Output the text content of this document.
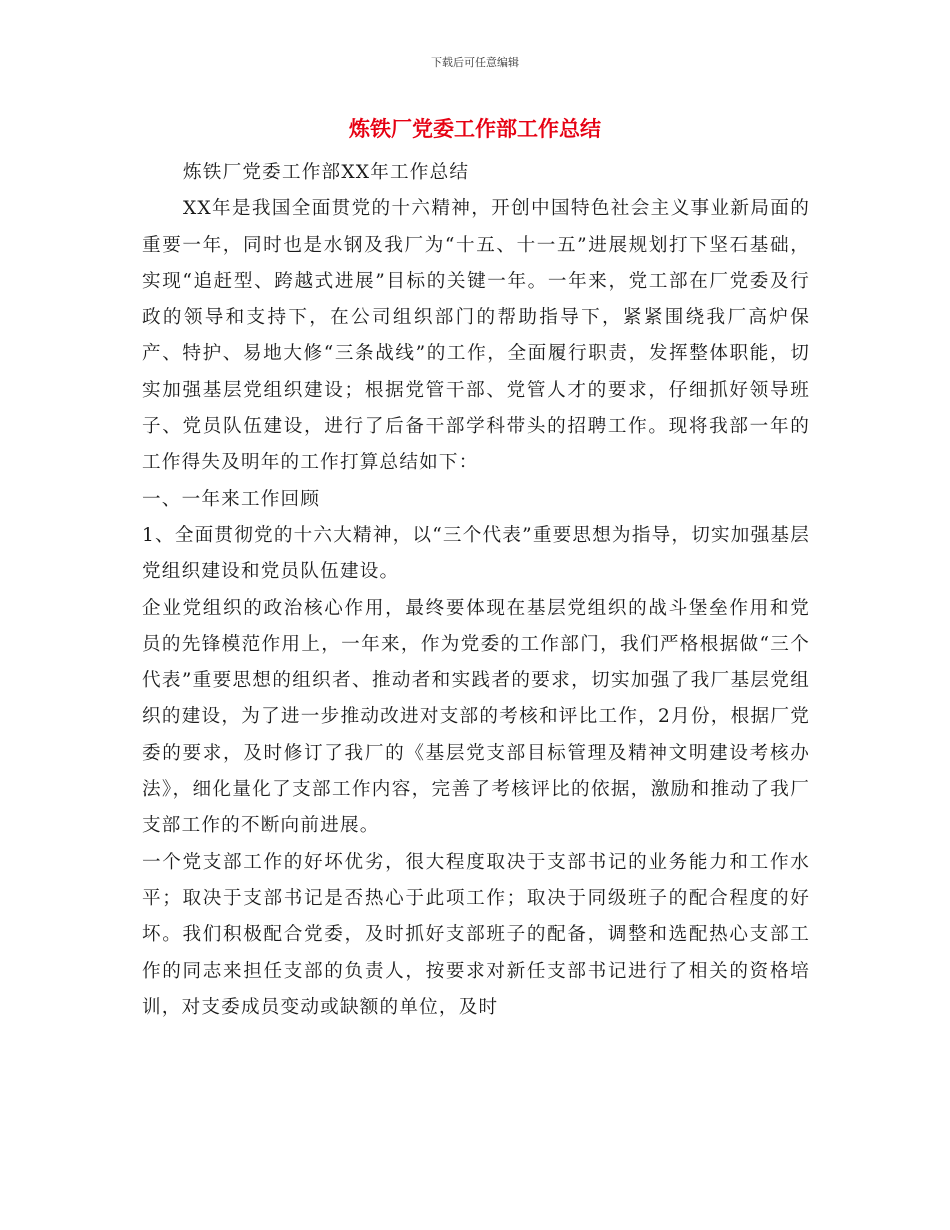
下载后可任意编辑
炼铁厂党委工作部工作总结

炼铁厂党委工作部XX年工作总结

XX年是我国全面贯党的十六精神，开创中国特色社会主义事业新局面的重要一年，同时也是水钢及我厂为“十五、十一五”进展规划打下坚石基础，实现“追赶型、跨越式进展”目标的关键一年。一年来，党工部在厂党委及行政的领导和支持下，在公司组织部门的帮助指导下，紧紧围绕我厂高炉保产、特护、易地大修“三条战线”的工作，全面履行职责，发挥整体职能，切实加强基层党组织建设；根据党管干部、党管人才的要求，仔细抓好领导班子、党员队伍建设，进行了后备干部学科带头的招聘工作。现将我部一年的工作得失及明年的工作打算总结如下：

一、一年来工作回顾

1、全面贯彻党的十六大精神，以“三个代表”重要思想为指导，切实加强基层党组织建设和党员队伍建设。

企业党组织的政治核心作用，最终要体现在基层党组织的战斗堡垒作用和党员的先锋模范作用上，一年来，作为党委的工作部门，我们严格根据做“三个代表”重要思想的组织者、推动者和实践者的要求，切实加强了我厂基层党组织的建设，为了进一步推动改进对支部的考核和评比工作，2月份，根据厂党委的要求，及时修订了我厂的《基层党支部目标管理及精神文明建设考核办法》，细化量化了支部工作内容，完善了考核评比的依据，激励和推动了我厂支部工作的不断向前进展。

一个党支部工作的好坏优劣，很大程度取决于支部书记的业务能力和工作水平；取决于支部书记是否热心于此项工作；取决于同级班子的配合程度的好坏。我们积极配合党委，及时抓好支部班子的配备，调整和选配热心支部工作的同志来担任支部的负责人，按要求对新任支部书记进行了相关的资格培训，对支委成员变动或缺额的单位，及时
